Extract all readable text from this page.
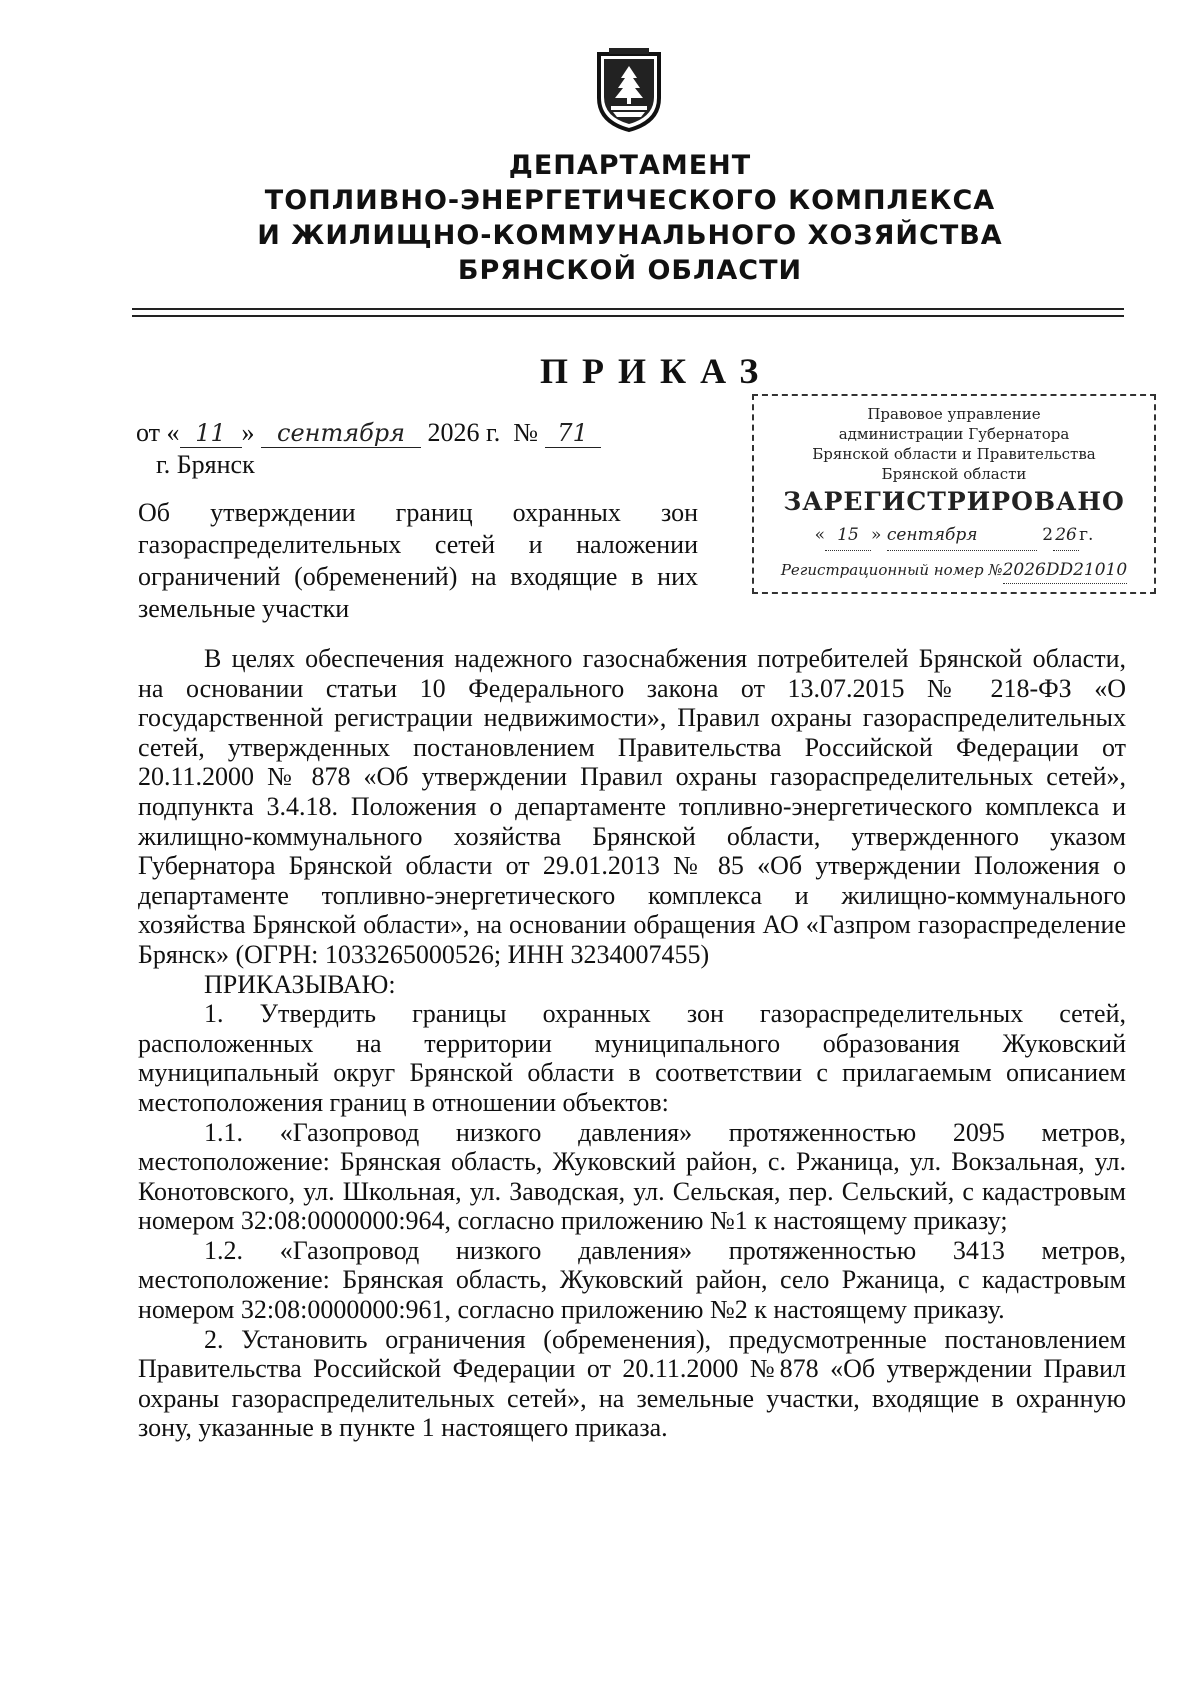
ДЕПАРТАМЕНТ
ТОПЛИВНО-ЭНЕРГЕТИЧЕСКОГО КОМПЛЕКСА
И ЖИЛИЩНО-КОММУНАЛЬНОГО ХОЗЯЙСТВА
БРЯНСКОЙ ОБЛАСТИ
ПРИКАЗ
от « 11 » сентября 2026 г. № 71
г. Брянск
Об утверждении границ охранных зон газораспределительных сетей и наложении ограничений (обременений) на входящие в них земельные участки
Правовое управление
администрации Губернатора
Брянской области и Правительства
Брянской области
ЗАРЕГИСТРИРОВАНО
« 15 » сентября	2 26 г.
Регистрационный номер №2026DD21010

В целях обеспечения надежного газоснабжения потребителей Брянской области, на основании статьи 10 Федерального закона от 13.07.2015 № 218-ФЗ «О государственной регистрации недвижимости», Правил охраны газораспределительных сетей, утвержденных постановлением Правительства Российской Федерации от 20.11.2000 № 878 «Об утверждении Правил охраны газораспределительных сетей», подпункта 3.4.18. Положения о департаменте топливно-энергетического комплекса и жилищно-коммунального хозяйства Брянской области, утвержденного указом Губернатора Брянской области от 29.01.2013 № 85 «Об утверждении Положения о департаменте топливно-энергетического комплекса и жилищно-коммунального хозяйства Брянской области», на основании обращения АО «Газпром газораспределение Брянск» (ОГРН: 1033265000526; ИНН 3234007455)

ПРИКАЗЫВАЮ:

1. Утвердить границы охранных зон газораспределительных сетей, расположенных на территории муниципального образования Жуковский муниципальный округ Брянской области в соответствии с прилагаемым описанием местоположения границ в отношении объектов:

1.1. «Газопровод низкого давления» протяженностью 2095 метров, местоположение: Брянская область, Жуковский район, с. Ржаница, ул. Вокзальная, ул. Конотовского, ул. Школьная, ул. Заводская, ул. Сельская, пер. Сельский, с кадастровым номером 32:08:0000000:964, согласно приложению №1 к настоящему приказу;

1.2. «Газопровод низкого давления» протяженностью 3413 метров, местоположение: Брянская область, Жуковский район, село Ржаница, с кадастровым номером 32:08:0000000:961, согласно приложению №2 к настоящему приказу.

2. Установить ограничения (обременения), предусмотренные постановлением Правительства Российской Федерации от 20.11.2000 №878 «Об утверждении Правил охраны газораспределительных сетей», на земельные участки, входящие в охранную зону, указанные в пункте 1 настоящего приказа.
